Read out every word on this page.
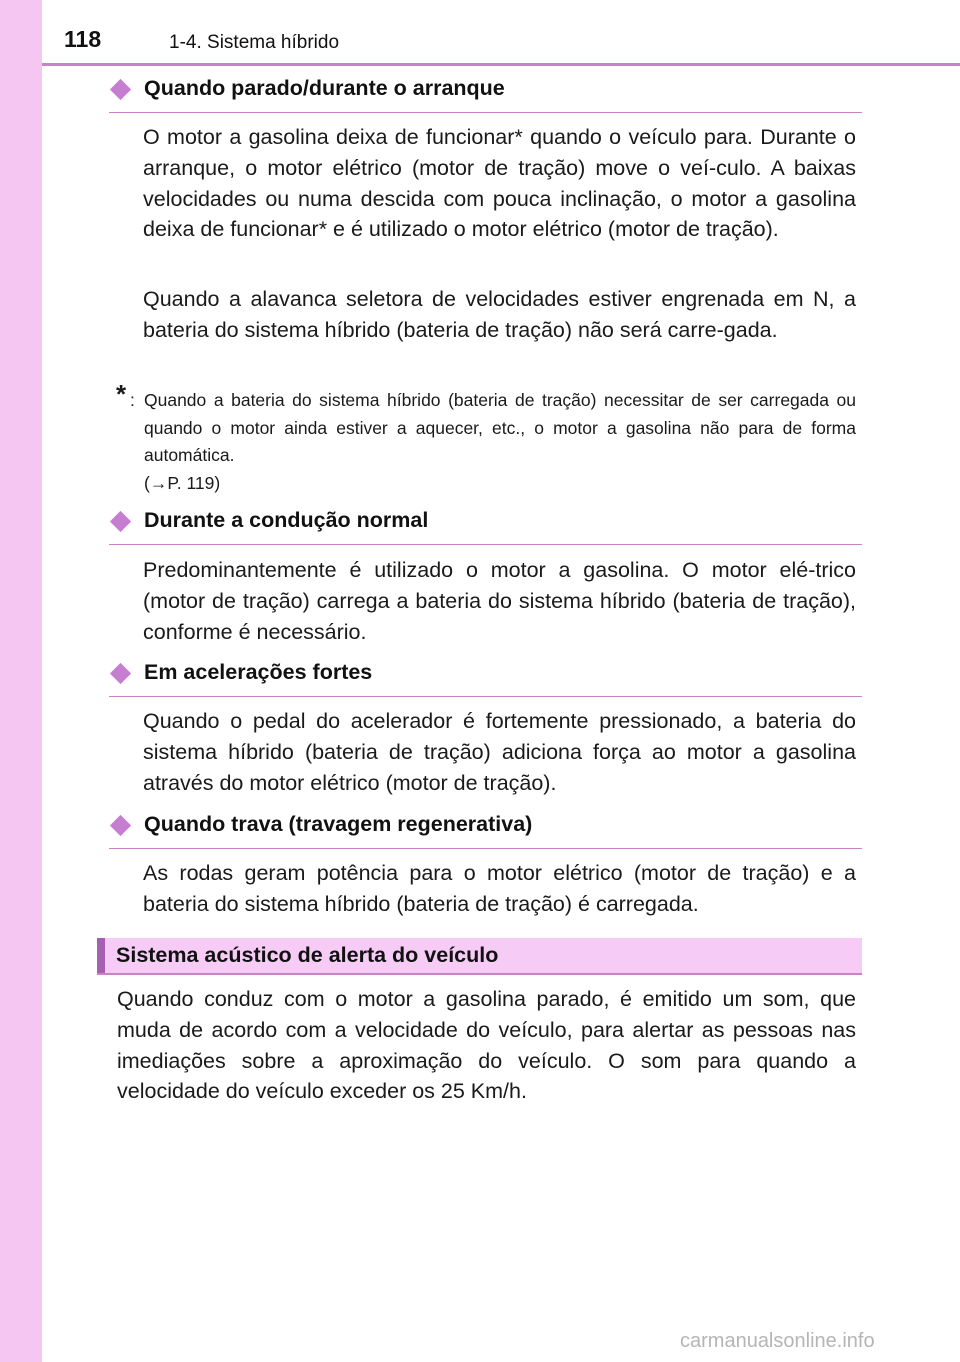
118	1-4. Sistema híbrido
Quando parado/durante o arranque

O motor a gasolina deixa de funcionar* quando o veículo para. Durante o arranque, o motor elétrico (motor de tração) move o veí-culo. A baixas velocidades ou numa descida com pouca inclinação, o motor a gasolina deixa de funcionar* e é utilizado o motor elétrico (motor de tração).

Quando a alavanca seletora de velocidades estiver engrenada em N, a bateria do sistema híbrido (bateria de tração) não será carre-gada.

* : Quando a bateria do sistema híbrido (bateria de tração) necessitar de ser carregada ou quando o motor ainda estiver a aquecer, etc., o motor a gasolina não para de forma automática.
(→P. 119)
Durante a condução normal

Predominantemente é utilizado o motor a gasolina. O motor elé-trico (motor de tração) carrega a bateria do sistema híbrido (bateria de tração), conforme é necessário.

Em acelerações fortes

Quando o pedal do acelerador é fortemente pressionado, a bateria do sistema híbrido (bateria de tração) adiciona força ao motor a gasolina através do motor elétrico (motor de tração).

Quando trava (travagem regenerativa)

As rodas geram potência para o motor elétrico (motor de tração) e a bateria do sistema híbrido (bateria de tração) é carregada.

Sistema acústico de alerta do veículo

Quando conduz com o motor a gasolina parado, é emitido um som, que muda de acordo com a velocidade do veículo, para alertar as pessoas nas imediações sobre a aproximação do veículo. O som para quando a velocidade do veículo exceder os 25 Km/h.

carmanualsonline.info
